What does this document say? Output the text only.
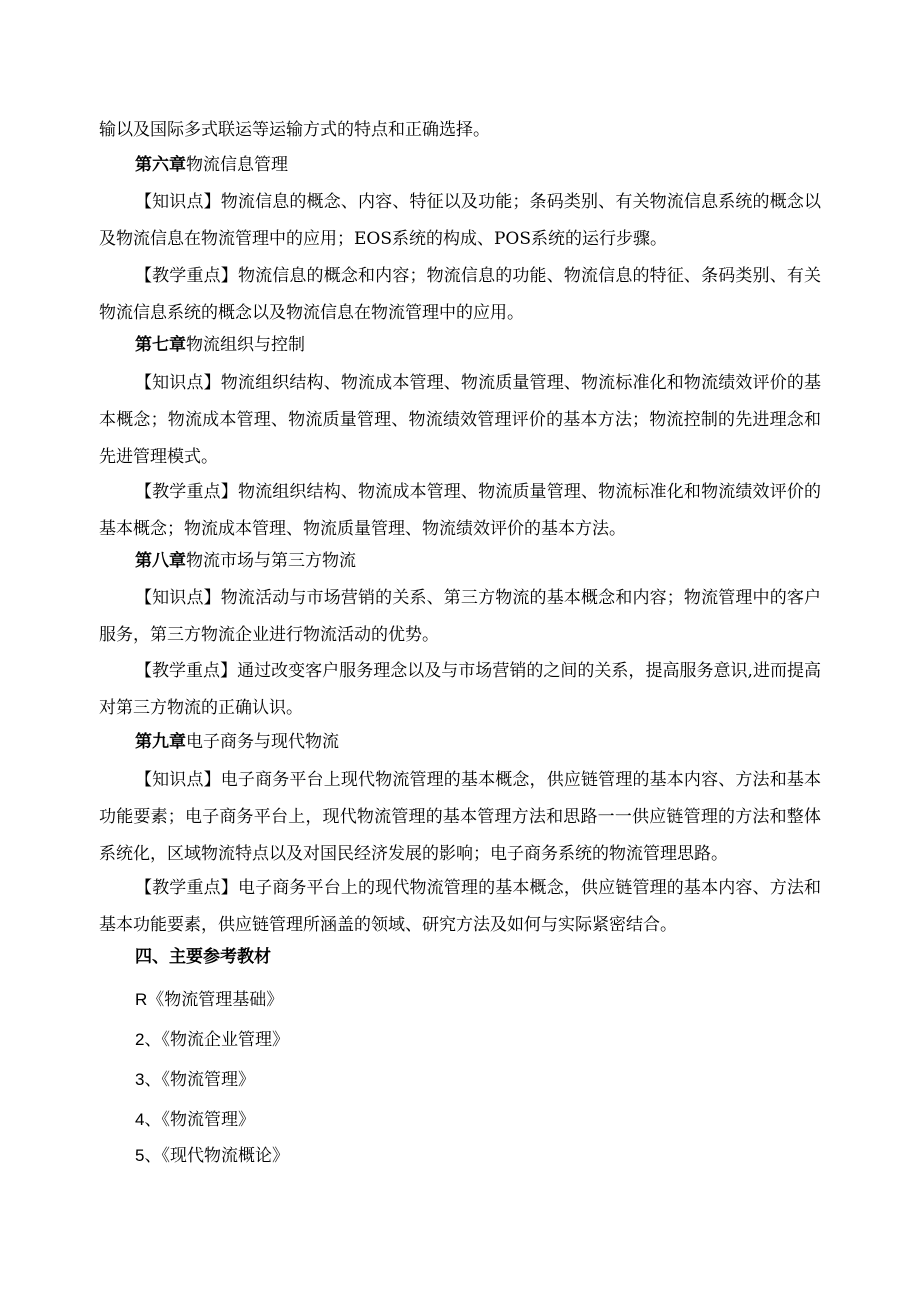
输以及国际多式联运等运输方式的特点和正确选择。

第六章物流信息管理

【知识点】物流信息的概念、内容、特征以及功能；条码类别、有关物流信息系统的概念以及物流信息在物流管理中的应用；EOS系统的构成、POS系统的运行步骤。

【教学重点】物流信息的概念和内容；物流信息的功能、物流信息的特征、条码类别、有关物流信息系统的概念以及物流信息在物流管理中的应用。

第七章物流组织与控制

【知识点】物流组织结构、物流成本管理、物流质量管理、物流标准化和物流绩效评价的基本概念；物流成本管理、物流质量管理、物流绩效管理评价的基本方法；物流控制的先进理念和先进管理模式。

【教学重点】物流组织结构、物流成本管理、物流质量管理、物流标准化和物流绩效评价的基本概念；物流成本管理、物流质量管理、物流绩效评价的基本方法。

第八章物流市场与第三方物流

【知识点】物流活动与市场营销的关系、第三方物流的基本概念和内容；物流管理中的客户服务，第三方物流企业进行物流活动的优势。

【教学重点】通过改变客户服务理念以及与市场营销的之间的关系，提高服务意识,进而提高对第三方物流的正确认识。

第九章电子商务与现代物流

【知识点】电子商务平台上现代物流管理的基本概念，供应链管理的基本内容、方法和基本功能要素；电子商务平台上，现代物流管理的基本管理方法和思路一一供应链管理的方法和整体系统化，区域物流特点以及对国民经济发展的影响；电子商务系统的物流管理思路。

【教学重点】电子商务平台上的现代物流管理的基本概念，供应链管理的基本内容、方法和基本功能要素，供应链管理所涵盖的领域、研究方法及如何与实际紧密结合。

四、主要参考教材

R《物流管理基础》

2、《物流企业管理》

3、《物流管理》

4、《物流管理》

5、《现代物流概论》
